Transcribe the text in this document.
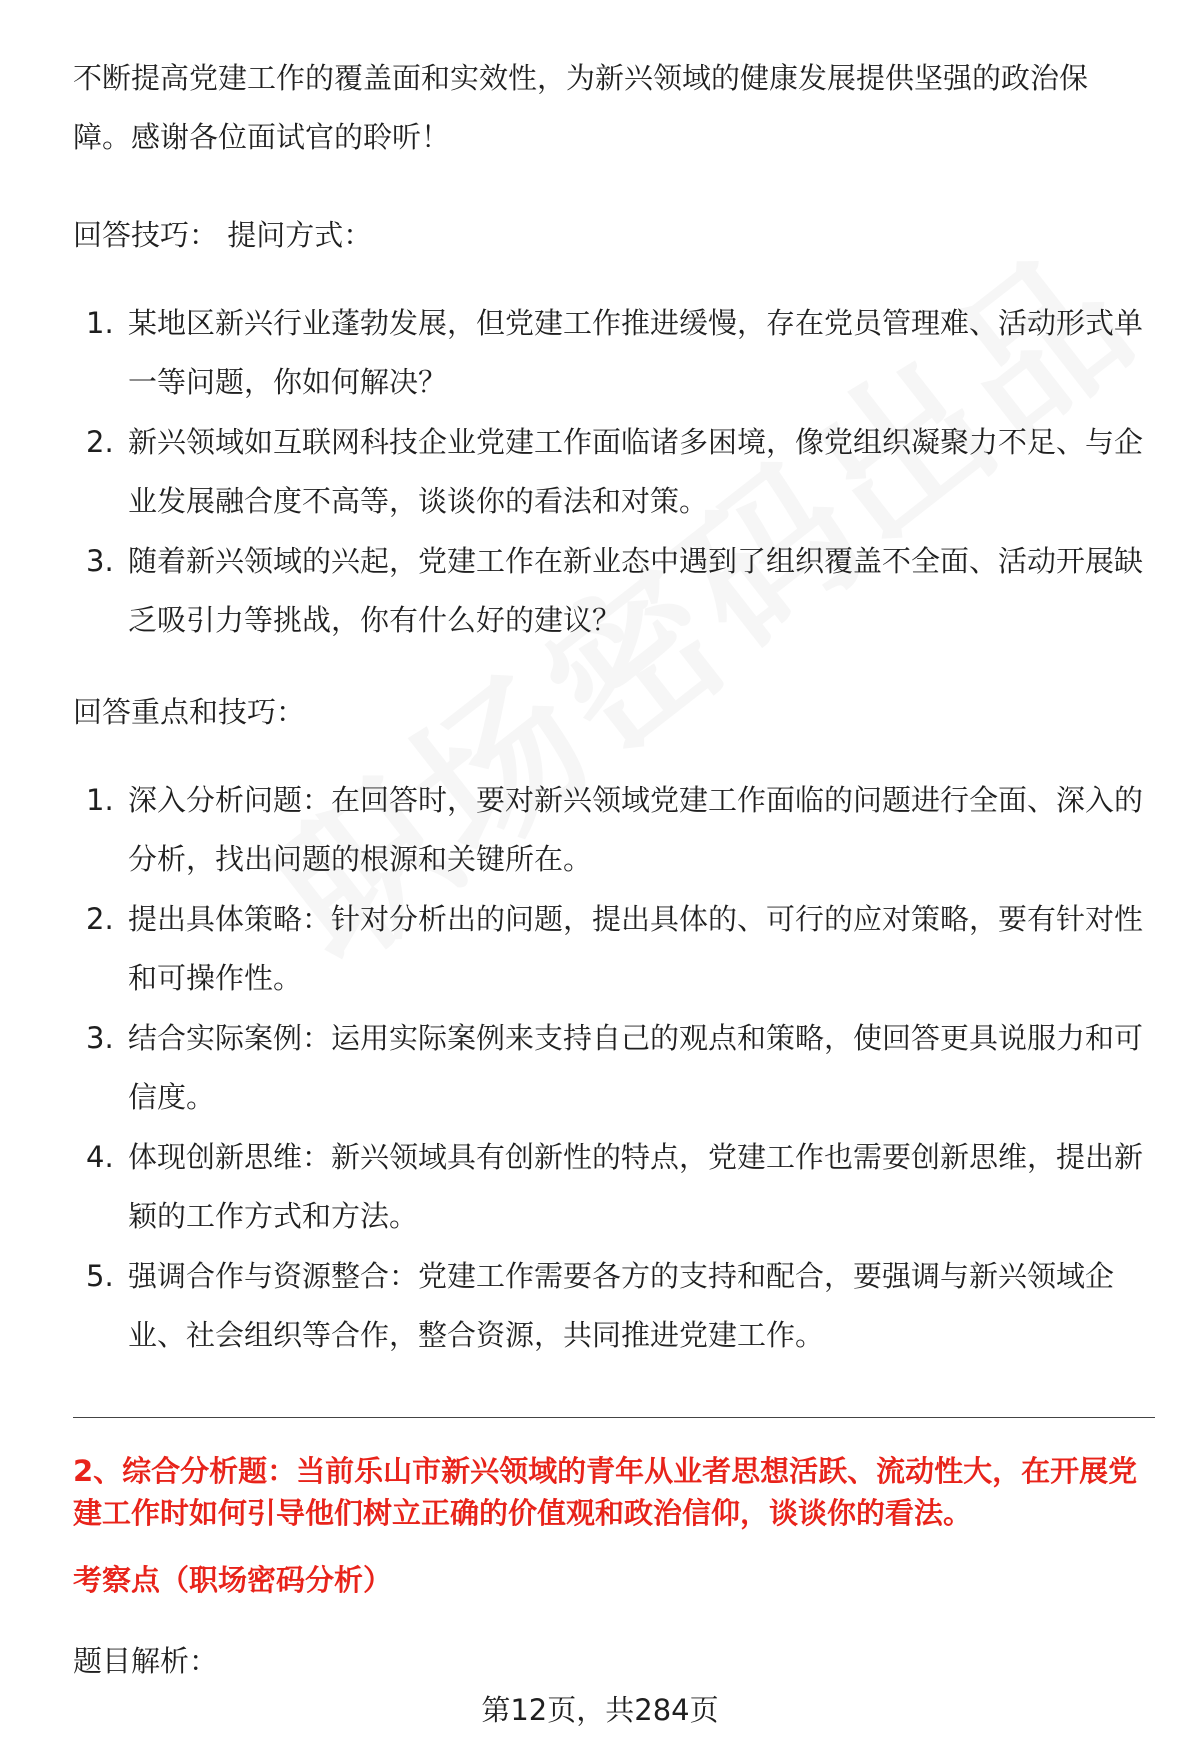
不断提高党建工作的覆盖面和实效性，为新兴领域的健康发展提供坚强的政治保障。感谢各位面试官的聆听！

回答技巧： 提问方式：

1. 某地区新兴行业蓬勃发展，但党建工作推进缓慢，存在党员管理难、活动形式单一等问题，你如何解决？
2. 新兴领域如互联网科技企业党建工作面临诸多困境，像党组织凝聚力不足、与企业发展融合度不高等，谈谈你的看法和对策。
3. 随着新兴领域的兴起，党建工作在新业态中遇到了组织覆盖不全面、活动开展缺乏吸引力等挑战，你有什么好的建议？

回答重点和技巧：

1. 深入分析问题：在回答时，要对新兴领域党建工作面临的问题进行全面、深入的分析，找出问题的根源和关键所在。
2. 提出具体策略：针对分析出的问题，提出具体的、可行的应对策略，要有针对性和可操作性。
3. 结合实际案例：运用实际案例来支持自己的观点和策略，使回答更具说服力和可信度。
4. 体现创新思维：新兴领域具有创新性的特点，党建工作也需要创新思维，提出新颖的工作方式和方法。
5. 强调合作与资源整合：党建工作需要各方的支持和配合，要强调与新兴领域企业、社会组织等合作，整合资源，共同推进党建工作。

2、综合分析题：当前乐山市新兴领域的青年从业者思想活跃、流动性大，在开展党建工作时如何引导他们树立正确的价值观和政治信仰，谈谈你的看法。

考察点（职场密码分析）

题目解析：

第12页，共284页
